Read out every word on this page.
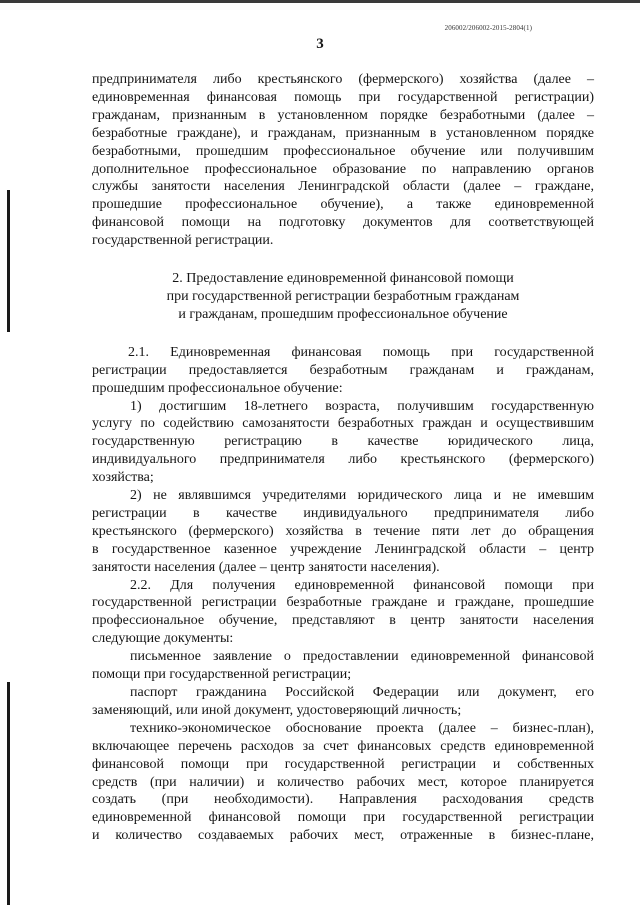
206002/206002-2015-2804(1)
3
предпринимателя либо крестьянского (фермерского) хозяйства (далее –
единовременная финансовая помощь при государственной регистрации)
гражданам, признанным в установленном порядке безработными (далее –
безработные граждане), и гражданам, признанным в установленном порядке
безработными, прошедшим профессиональное обучение или получившим
дополнительное профессиональное образование по направлению органов
службы занятости населения Ленинградской области (далее – граждане,
прошедшие профессиональное обучение), а также единовременной
финансовой помощи на подготовку документов для соответствующей
государственной регистрации.
2. Предоставление единовременной финансовой помощи
при государственной регистрации безработным гражданам
и гражданам, прошедшим профессиональное обучение
2.1. Единовременная финансовая помощь при государственной
регистрации предоставляется безработным гражданам и гражданам,
прошедшим профессиональное обучение:
1) достигшим 18-летнего возраста, получившим государственную
услугу по содействию самозанятости безработных граждан и осуществившим
государственную регистрацию в качестве юридического лица,
индивидуального предпринимателя либо крестьянского (фермерского)
хозяйства;
2) не являвшимся учредителями юридического лица и не имевшим
регистрации в качестве индивидуального предпринимателя либо
крестьянского (фермерского) хозяйства в течение пяти лет до обращения
в государственное казенное учреждение Ленинградской области – центр
занятости населения (далее – центр занятости населения).
2.2. Для получения единовременной финансовой помощи при
государственной регистрации безработные граждане и граждане, прошедшие
профессиональное обучение, представляют в центр занятости населения
следующие документы:
письменное заявление о предоставлении единовременной финансовой
помощи при государственной регистрации;
паспорт гражданина Российской Федерации или документ, его
заменяющий, или иной документ, удостоверяющий личность;
технико-экономическое обоснование проекта (далее – бизнес-план),
включающее перечень расходов за счет финансовых средств единовременной
финансовой помощи при государственной регистрации и собственных
средств (при наличии) и количество рабочих мест, которое планируется
создать (при необходимости). Направления расходования средств
единовременной финансовой помощи при государственной регистрации
и количество создаваемых рабочих мест, отраженные в бизнес-плане,
